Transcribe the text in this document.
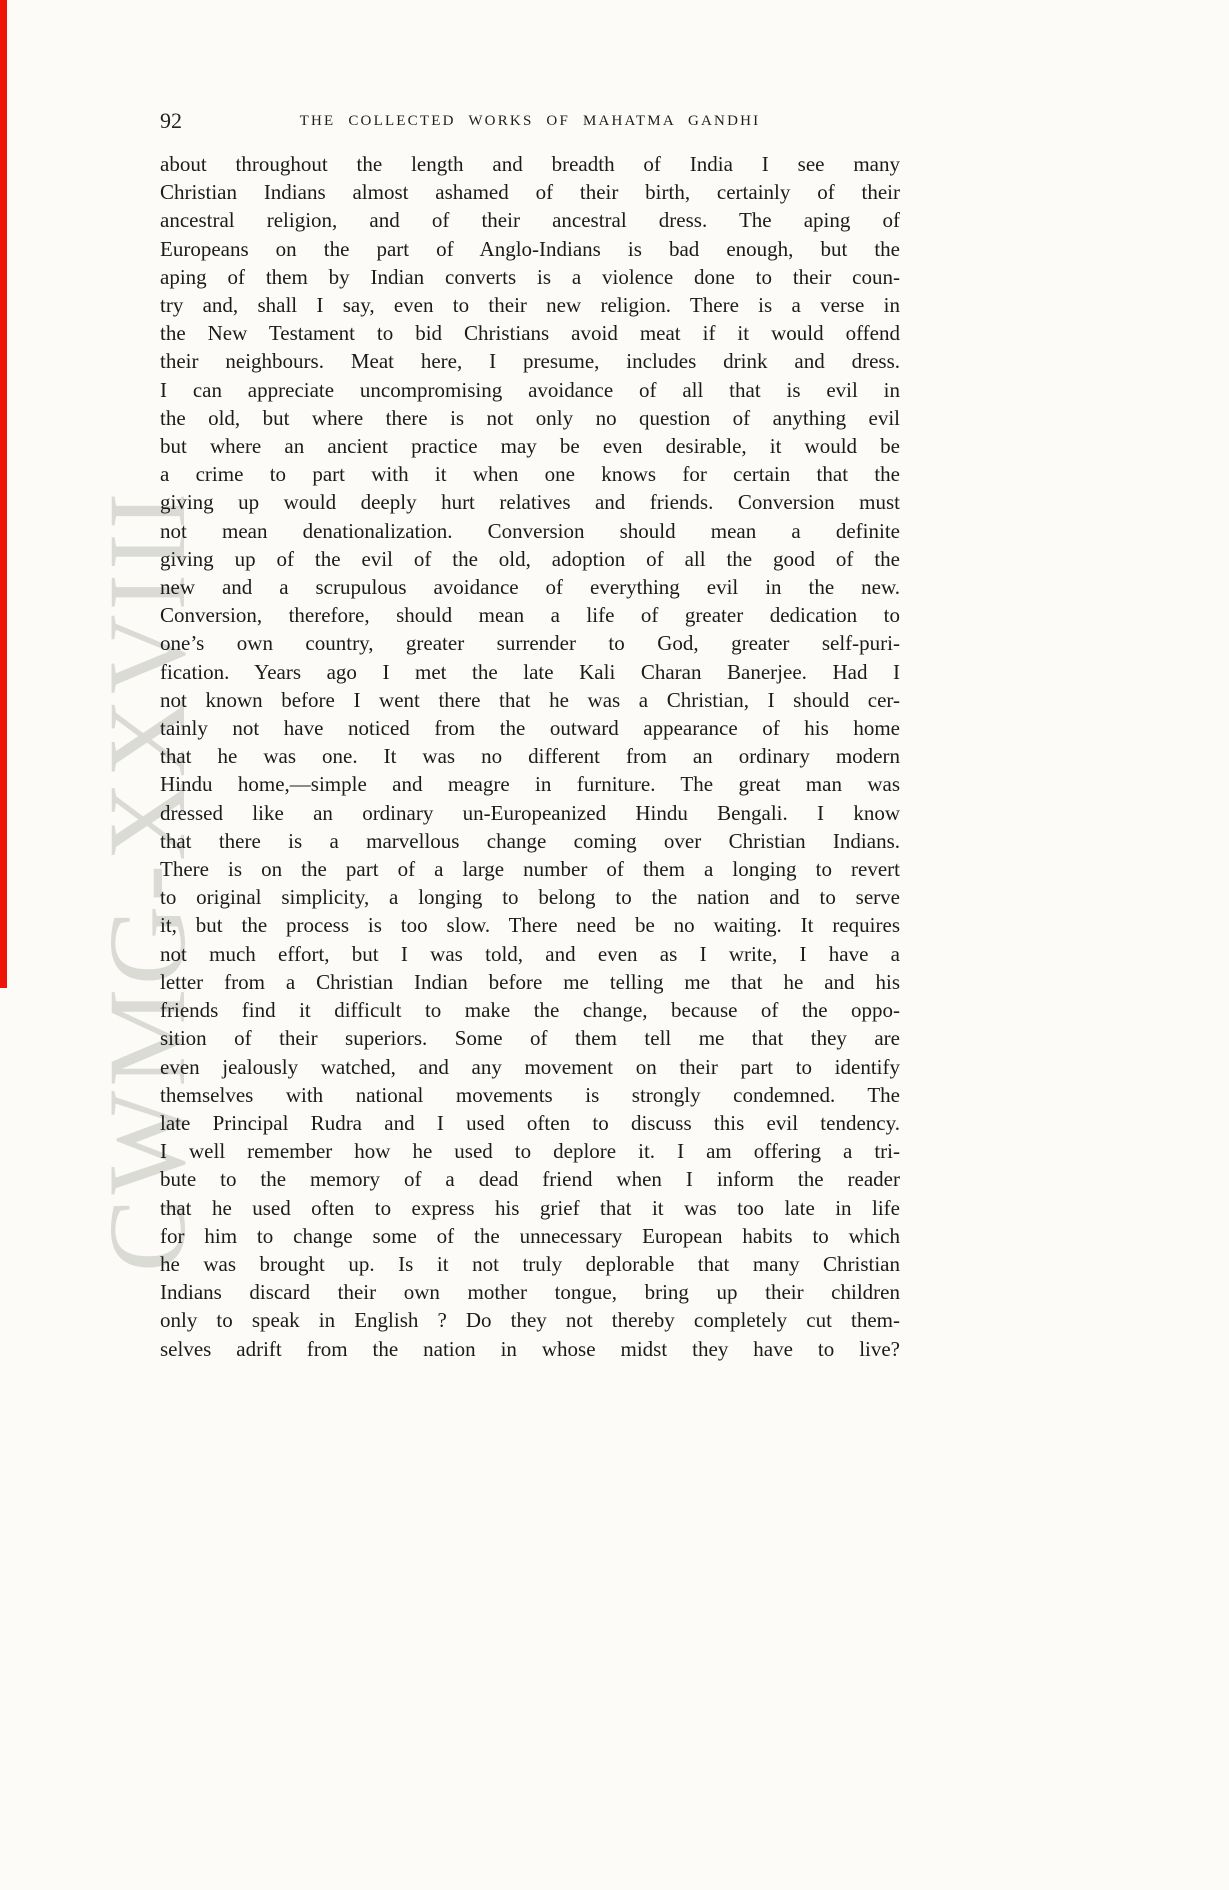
CWMG-XXVIII
92	THE COLLECTED WORKS OF MAHATMA GANDHI
about throughout the length and breadth of India I see many
Christian Indians almost ashamed of their birth, certainly of their
ancestral religion, and of their ancestral dress. The aping of
Europeans on the part of Anglo-Indians is bad enough, but the
aping of them by Indian converts is a violence done to their coun-
try and, shall I say, even to their new religion. There is a verse in
the New Testament to bid Christians avoid meat if it would offend
their neighbours. Meat here, I presume, includes drink and dress.
I can appreciate uncompromising avoidance of all that is evil in
the old, but where there is not only no question of anything evil
but where an ancient practice may be even desirable, it would be
a crime to part with it when one knows for certain that the
giving up would deeply hurt relatives and friends. Conversion must
not mean denationalization. Conversion should mean a definite
giving up of the evil of the old, adoption of all the good of the
new and a scrupulous avoidance of everything evil in the new.
Conversion, therefore, should mean a life of greater dedication to
one’s own country, greater surrender to God, greater self-puri-
fication. Years ago I met the late Kali Charan Banerjee. Had I
not known before I went there that he was a Christian, I should cer-
tainly not have noticed from the outward appearance of his home
that he was one. It was no different from an ordinary modern
Hindu home,—simple and meagre in furniture. The great man was
dressed like an ordinary un-Europeanized Hindu Bengali. I know
that there is a marvellous change coming over Christian Indians.
There is on the part of a large number of them a longing to revert
to original simplicity, a longing to belong to the nation and to serve
it, but the process is too slow. There need be no waiting. It requires
not much effort, but I was told, and even as I write, I have a
letter from a Christian Indian before me telling me that he and his
friends find it difficult to make the change, because of the oppo-
sition of their superiors. Some of them tell me that they are
even jealously watched, and any movement on their part to identify
themselves with national movements is strongly condemned. The
late Principal Rudra and I used often to discuss this evil tendency.
I well remember how he used to deplore it. I am offering a tri-
bute to the memory of a dead friend when I inform the reader
that he used often to express his grief that it was too late in life
for him to change some of the unnecessary European habits to which
he was brought up. Is it not truly deplorable that many Christian
Indians discard their own mother tongue, bring up their children
only to speak in English ? Do they not thereby completely cut them-
selves adrift from the nation in whose midst they have to live?
